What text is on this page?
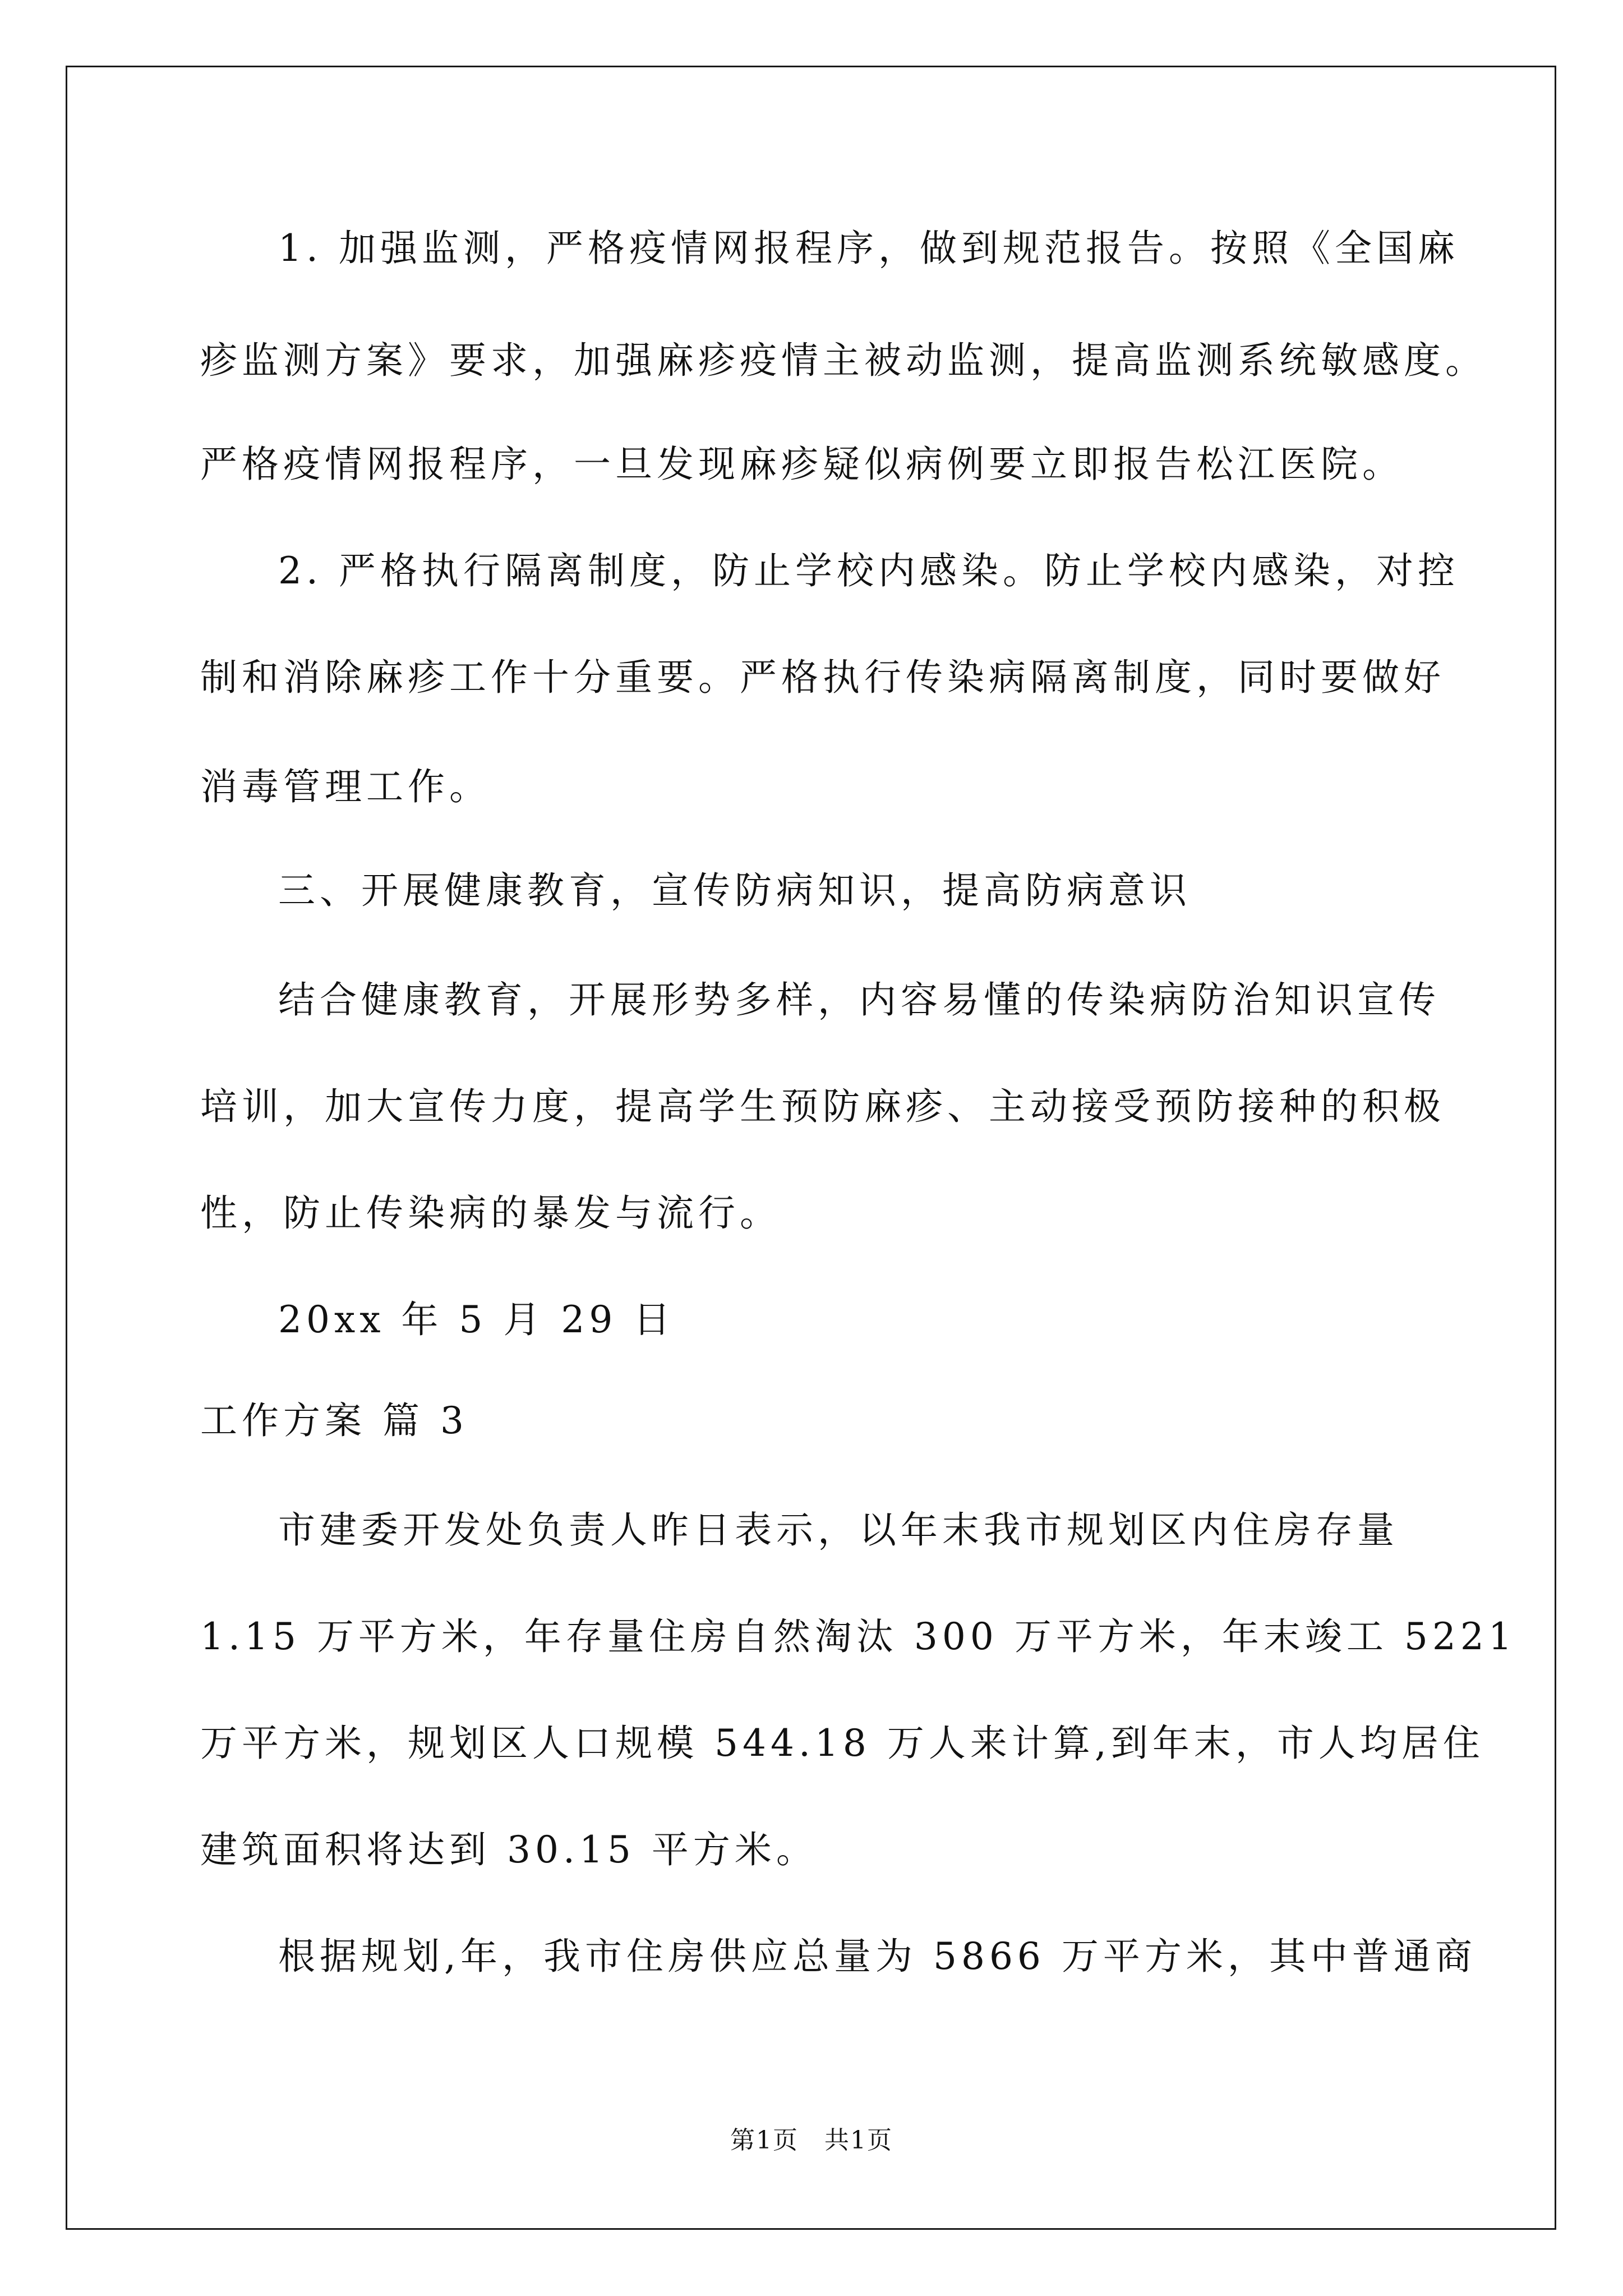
1. 加强监测，严格疫情网报程序，做到规范报告。按照《全国麻
疹监测方案》要求，加强麻疹疫情主被动监测，提高监测系统敏感度。
严格疫情网报程序，一旦发现麻疹疑似病例要立即报告松江医院。
2. 严格执行隔离制度，防止学校内感染。防止学校内感染，对控
制和消除麻疹工作十分重要。严格执行传染病隔离制度，同时要做好
消毒管理工作。
三、开展健康教育，宣传防病知识，提高防病意识
结合健康教育，开展形势多样，内容易懂的传染病防治知识宣传
培训，加大宣传力度，提高学生预防麻疹、主动接受预防接种的积极
性，防止传染病的暴发与流行。
20xx 年 5 月 29 日
工作方案 篇 3
市建委开发处负责人昨日表示，以年末我市规划区内住房存量
1.15 万平方米，年存量住房自然淘汰 300 万平方米，年末竣工 5221
万平方米，规划区人口规模 544.18 万人来计算,到年末，市人均居住
建筑面积将达到 30.15 平方米。
根据规划,年，我市住房供应总量为 5866 万平方米，其中普通商
第1页　共1页
